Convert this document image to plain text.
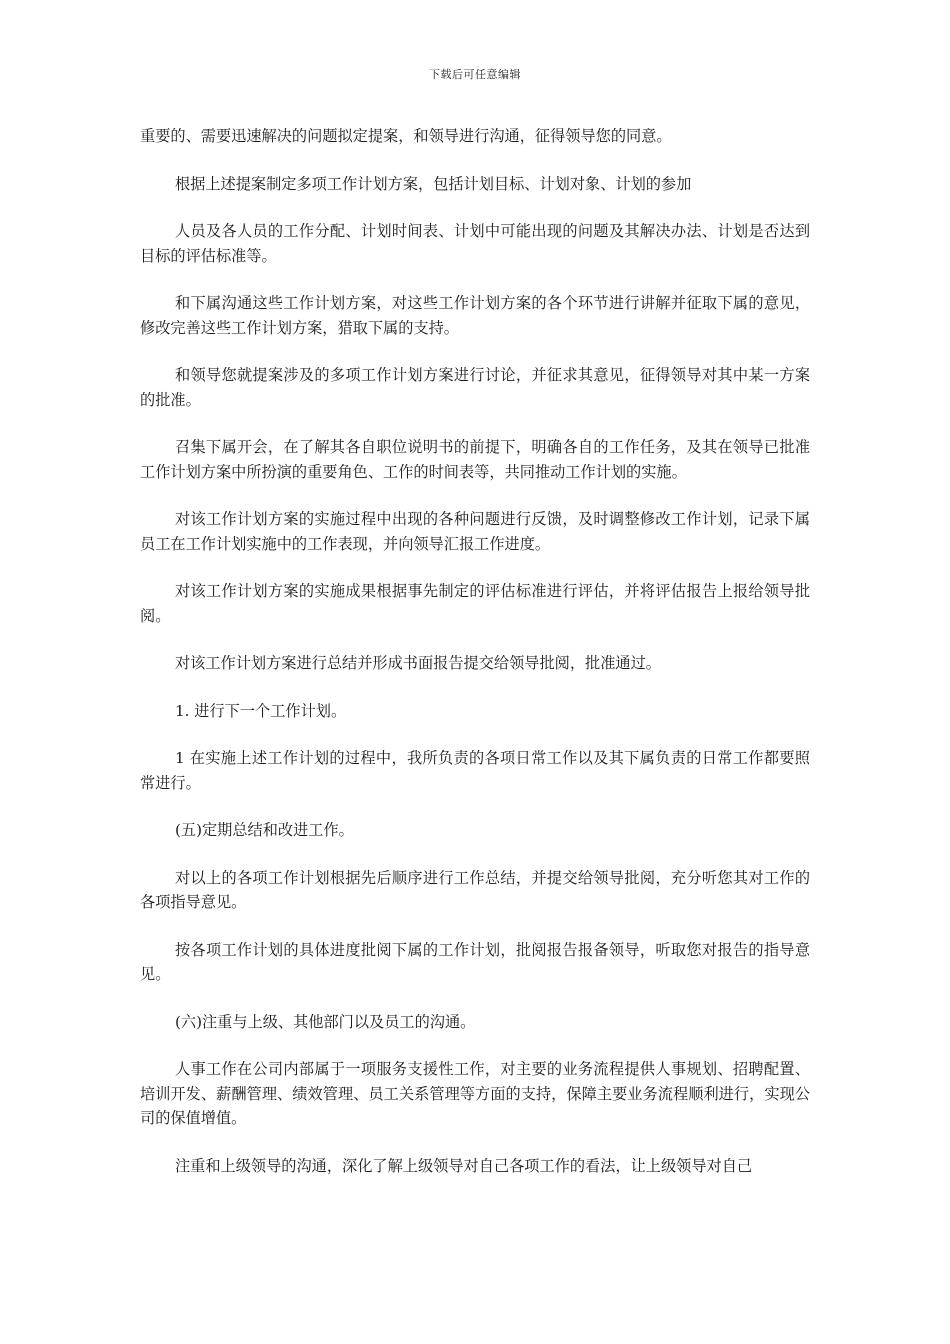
下载后可任意编辑

重要的、需要迅速解决的问题拟定提案，和领导进行沟通，征得领导您的同意。

根据上述提案制定多项工作计划方案，包括计划目标、计划对象、计划的参加

人员及各人员的工作分配、计划时间表、计划中可能出现的问题及其解决办法、计划是否达到目标的评估标准等。

和下属沟通这些工作计划方案，对这些工作计划方案的各个环节进行讲解并征取下属的意见，修改完善这些工作计划方案，猎取下属的支持。

和领导您就提案涉及的多项工作计划方案进行讨论，并征求其意见，征得领导对其中某一方案的批准。

召集下属开会，在了解其各自职位说明书的前提下，明确各自的工作任务，及其在领导已批准工作计划方案中所扮演的重要角色、工作的时间表等，共同推动工作计划的实施。

对该工作计划方案的实施过程中出现的各种问题进行反馈，及时调整修改工作计划，记录下属员工在工作计划实施中的工作表现，并向领导汇报工作进度。

对该工作计划方案的实施成果根据事先制定的评估标准进行评估，并将评估报告上报给领导批阅。

对该工作计划方案进行总结并形成书面报告提交给领导批阅，批准通过。

1. 进行下一个工作计划。

1 在实施上述工作计划的过程中，我所负责的各项日常工作以及其下属负责的日常工作都要照常进行。

(五)定期总结和改进工作。

对以上的各项工作计划根据先后顺序进行工作总结，并提交给领导批阅，充分听您其对工作的各项指导意见。

按各项工作计划的具体进度批阅下属的工作计划，批阅报告报备领导，听取您对报告的指导意见。

(六)注重与上级、其他部门以及员工的沟通。

人事工作在公司内部属于一项服务支援性工作，对主要的业务流程提供人事规划、招聘配置、培训开发、薪酬管理、绩效管理、员工关系管理等方面的支持，保障主要业务流程顺利进行，实现公司的保值增值。

注重和上级领导的沟通，深化了解上级领导对自己各项工作的看法，让上级领导对自己
